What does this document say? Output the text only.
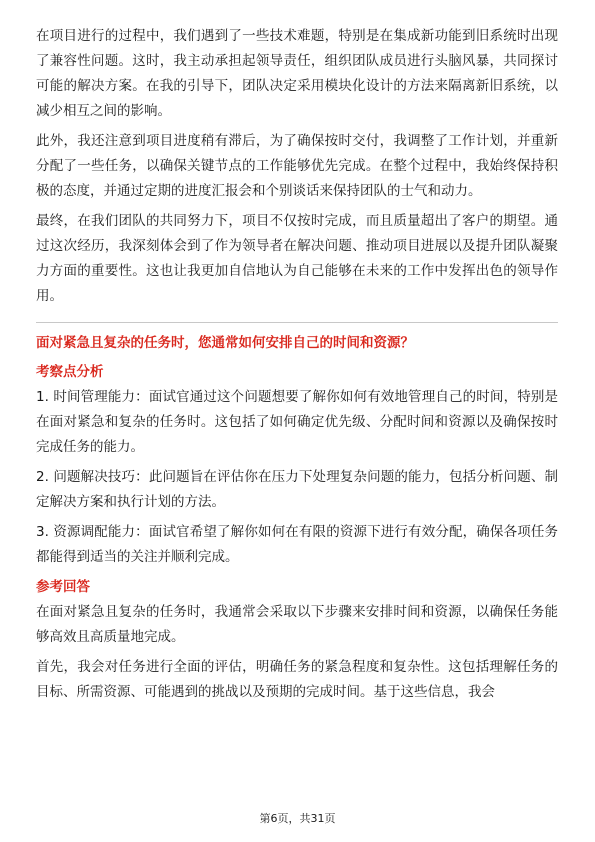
在项目进行的过程中，我们遇到了一些技术难题，特别是在集成新功能到旧系统时出现了兼容性问题。这时，我主动承担起领导责任，组织团队成员进行头脑风暴，共同探讨可能的解决方案。在我的引导下，团队决定采用模块化设计的方法来隔离新旧系统，以减少相互之间的影响。

此外，我还注意到项目进度稍有滞后，为了确保按时交付，我调整了工作计划，并重新分配了一些任务，以确保关键节点的工作能够优先完成。在整个过程中，我始终保持积极的态度，并通过定期的进度汇报会和个别谈话来保持团队的士气和动力。

最终，在我们团队的共同努力下，项目不仅按时完成，而且质量超出了客户的期望。通过这次经历，我深刻体会到了作为领导者在解决问题、推动项目进展以及提升团队凝聚力方面的重要性。这也让我更加自信地认为自己能够在未来的工作中发挥出色的领导作用。

面对紧急且复杂的任务时，您通常如何安排自己的时间和资源？

考察点分析

1. 时间管理能力：面试官通过这个问题想要了解你如何有效地管理自己的时间，特别是在面对紧急和复杂的任务时。这包括了如何确定优先级、分配时间和资源以及确保按时完成任务的能力。

2. 问题解决技巧：此问题旨在评估你在压力下处理复杂问题的能力，包括分析问题、制定解决方案和执行计划的方法。

3. 资源调配能力：面试官希望了解你如何在有限的资源下进行有效分配，确保各项任务都能得到适当的关注并顺利完成。

参考回答

在面对紧急且复杂的任务时，我通常会采取以下步骤来安排时间和资源，以确保任务能够高效且高质量地完成。

首先，我会对任务进行全面的评估，明确任务的紧急程度和复杂性。这包括理解任务的目标、所需资源、可能遇到的挑战以及预期的完成时间。基于这些信息，我会

第6页，共31页
